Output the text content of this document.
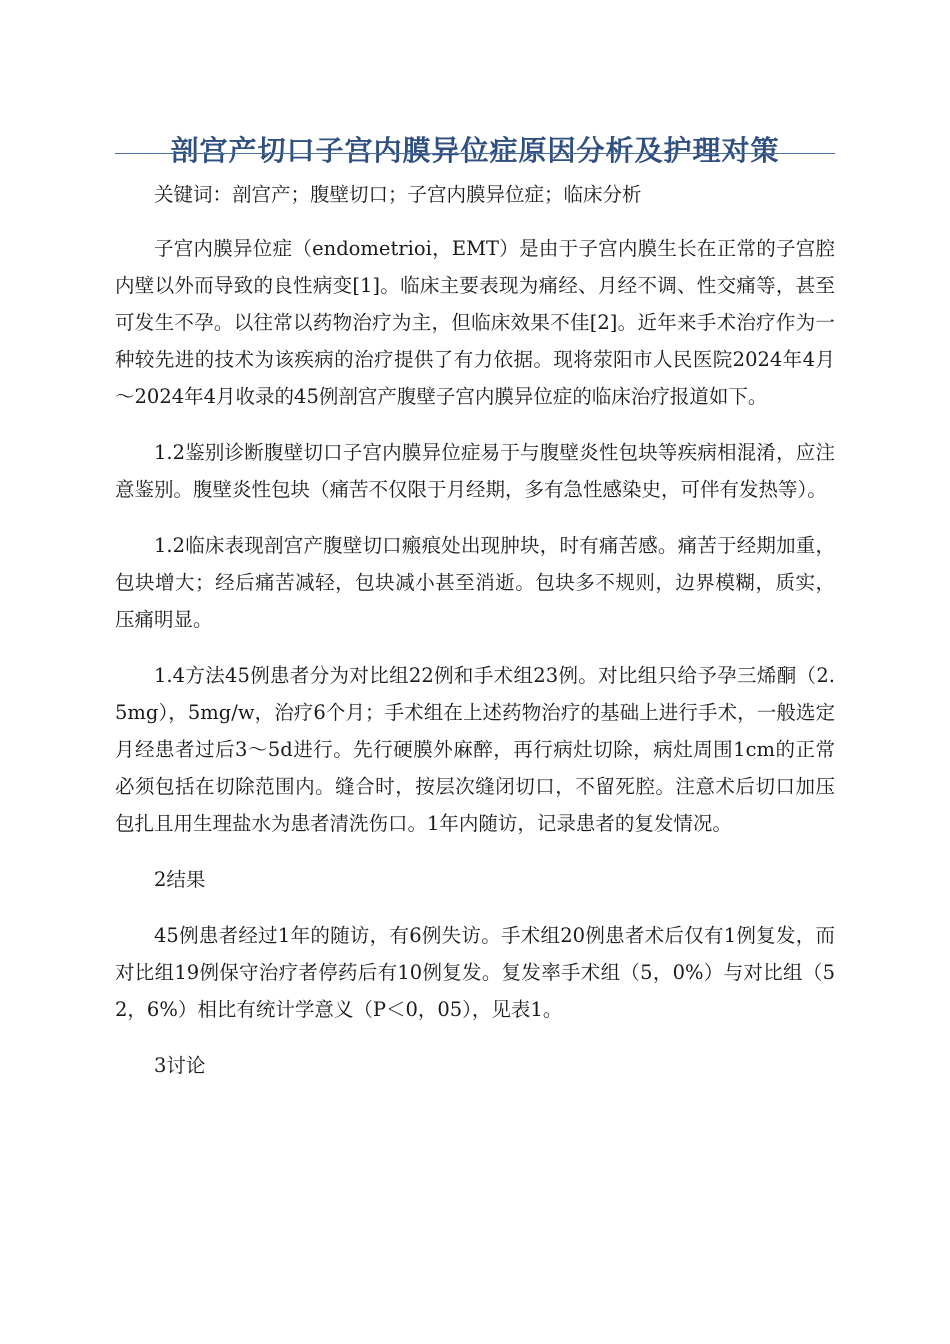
剖宫产切口子宫内膜异位症原因分析及护理对策

关键词：剖宫产；腹壁切口；子宫内膜异位症；临床分析

子宫内膜异位症（endometrioi，EMT）是由于子宫内膜生长在正常的子宫腔内壁以外而导致的良性病变[1]。临床主要表现为痛经、月经不调、性交痛等，甚至可发生不孕。以往常以药物治疗为主，但临床效果不佳[2]。近年来手术治疗作为一种较先进的技术为该疾病的治疗提供了有力依据。现将荥阳市人民医院2024年4月～2024年4月收录的45例剖宫产腹壁子宫内膜异位症的临床治疗报道如下。

1.2鉴别诊断腹壁切口子宫内膜异位症易于与腹壁炎性包块等疾病相混淆，应注意鉴别。腹壁炎性包块（痛苦不仅限于月经期，多有急性感染史，可伴有发热等）。

1.2临床表现剖宫产腹壁切口瘢痕处出现肿块，时有痛苦感。痛苦于经期加重，包块增大；经后痛苦减轻，包块减小甚至消逝。包块多不规则，边界模糊，质实，压痛明显。

1.4方法45例患者分为对比组22例和手术组23例。对比组只给予孕三烯酮（2.5mg），5mg/w，治疗6个月；手术组在上述药物治疗的基础上进行手术，一般选定月经患者过后3～5d进行。先行硬膜外麻醉，再行病灶切除，病灶周围1cm的正常必须包括在切除范围内。缝合时，按层次缝闭切口，不留死腔。注意术后切口加压包扎且用生理盐水为患者清洗伤口。1年内随访，记录患者的复发情况。

2结果

45例患者经过1年的随访，有6例失访。手术组20例患者术后仅有1例复发，而对比组19例保守治疗者停药后有10例复发。复发率手术组（5，0%）与对比组（52，6%）相比有统计学意义（P＜0，05），见表1。

3讨论
